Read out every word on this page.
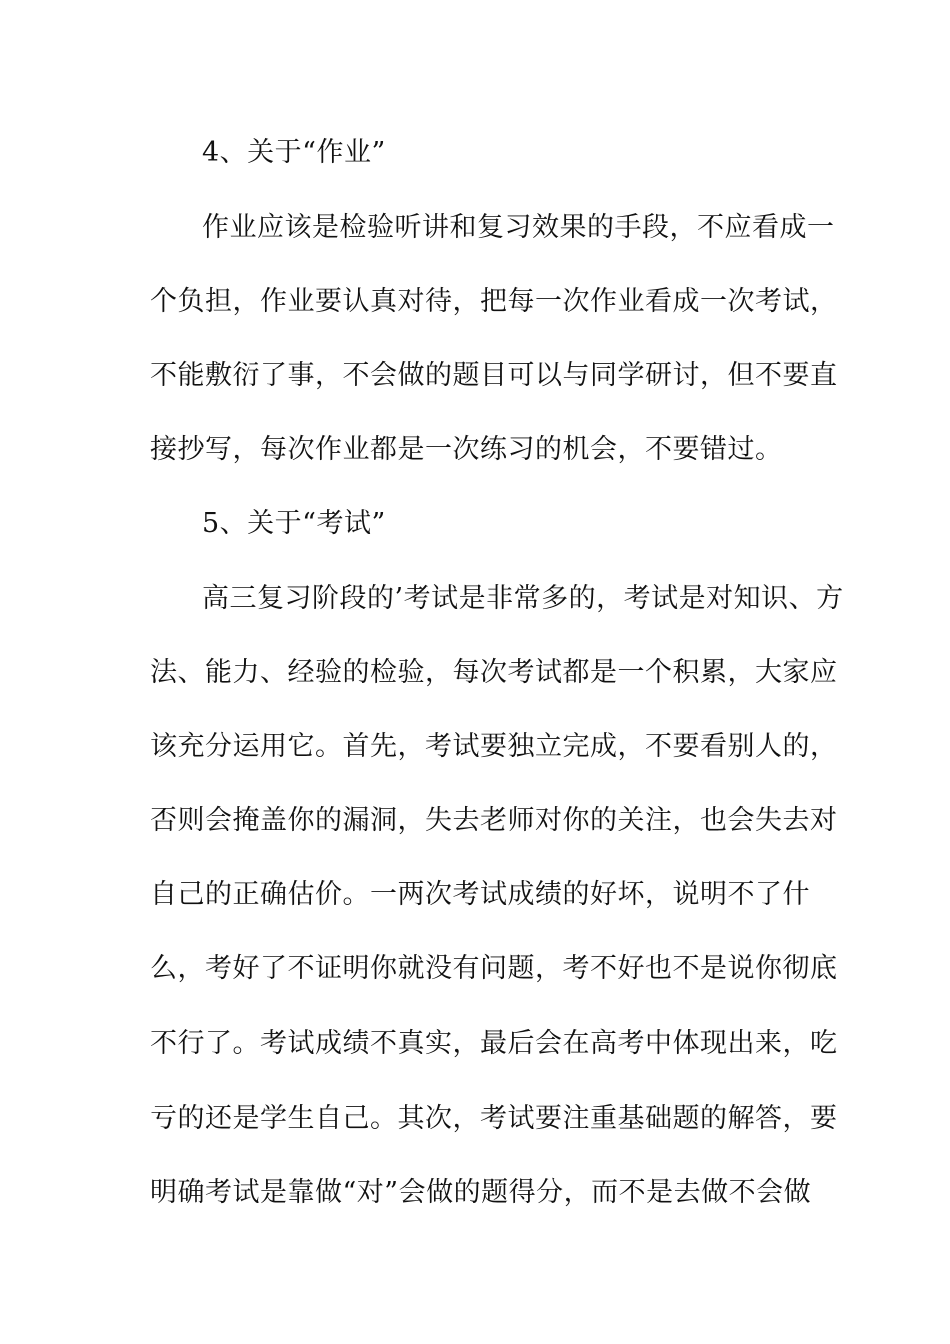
4、关于“作业”
作业应该是检验听讲和复习效果的手段，不应看成一
个负担，作业要认真对待，把每一次作业看成一次考试，
不能敷衍了事，不会做的题目可以与同学研讨，但不要直
接抄写，每次作业都是一次练习的机会，不要错过。
5、关于“考试”
高三复习阶段的’考试是非常多的，考试是对知识、方
法、能力、经验的检验，每次考试都是一个积累，大家应
该充分运用它。首先，考试要独立完成，不要看别人的，
否则会掩盖你的漏洞，失去老师对你的关注，也会失去对
自己的正确估价。一两次考试成绩的好坏，说明不了什
么，考好了不证明你就没有问题，考不好也不是说你彻底
不行了。考试成绩不真实，最后会在高考中体现出来，吃
亏的还是学生自己。其次，考试要注重基础题的解答，要
明确考试是靠做“对”会做的题得分，而不是去做不会做
